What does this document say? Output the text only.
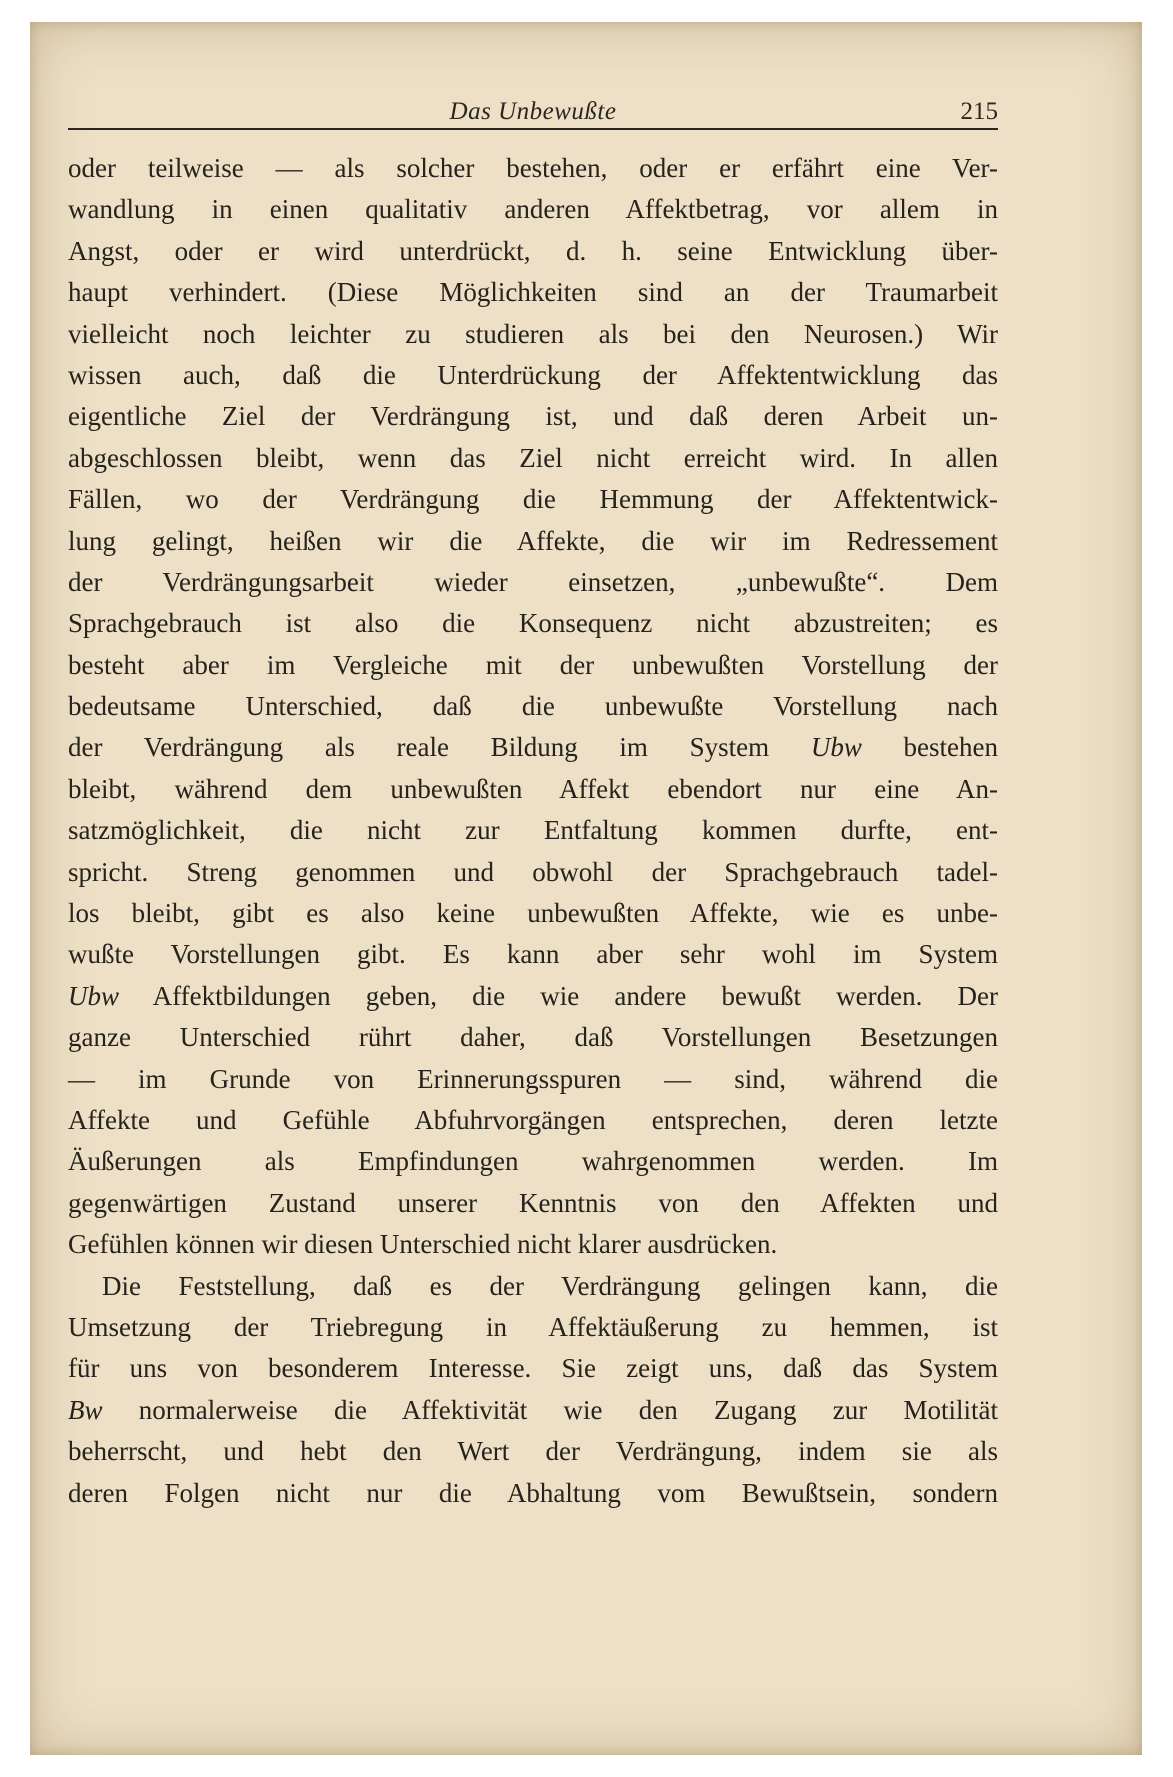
Das Unbewußte	215
oder teilweise — als solcher bestehen, oder er erfährt eine Ver-
wandlung in einen qualitativ anderen Affektbetrag, vor allem in
Angst, oder er wird unterdrückt, d. h. seine Entwicklung über-
haupt verhindert. (Diese Möglichkeiten sind an der Traumarbeit
vielleicht noch leichter zu studieren als bei den Neurosen.) Wir
wissen auch, daß die Unterdrückung der Affektentwicklung das
eigentliche Ziel der Verdrängung ist, und daß deren Arbeit un-
abgeschlossen bleibt, wenn das Ziel nicht erreicht wird. In allen
Fällen, wo der Verdrängung die Hemmung der Affektentwick-
lung gelingt, heißen wir die Affekte, die wir im Redressement
der Verdrängungsarbeit wieder einsetzen, „unbewußte“. Dem
Sprachgebrauch ist also die Konsequenz nicht abzustreiten; es
besteht aber im Vergleiche mit der unbewußten Vorstellung der
bedeutsame Unterschied, daß die unbewußte Vorstellung nach
der Verdrängung als reale Bildung im System Ubw bestehen
bleibt, während dem unbewußten Affekt ebendort nur eine An-
satzmöglichkeit, die nicht zur Entfaltung kommen durfte, ent-
spricht. Streng genommen und obwohl der Sprachgebrauch tadel-
los bleibt, gibt es also keine unbewußten Affekte, wie es unbe-
wußte Vorstellungen gibt. Es kann aber sehr wohl im System
Ubw Affektbildungen geben, die wie andere bewußt werden. Der
ganze Unterschied rührt daher, daß Vorstellungen Besetzungen
— im Grunde von Erinnerungsspuren — sind, während die
Affekte und Gefühle Abfuhrvorgängen entsprechen, deren letzte
Äußerungen als Empfindungen wahrgenommen werden. Im
gegenwärtigen Zustand unserer Kenntnis von den Affekten und
Gefühlen können wir diesen Unterschied nicht klarer ausdrücken.
Die Feststellung, daß es der Verdrängung gelingen kann, die
Umsetzung der Triebregung in Affektäußerung zu hemmen, ist
für uns von besonderem Interesse. Sie zeigt uns, daß das System
Bw normalerweise die Affektivität wie den Zugang zur Motilität
beherrscht, und hebt den Wert der Verdrängung, indem sie als
deren Folgen nicht nur die Abhaltung vom Bewußtsein, sondern
